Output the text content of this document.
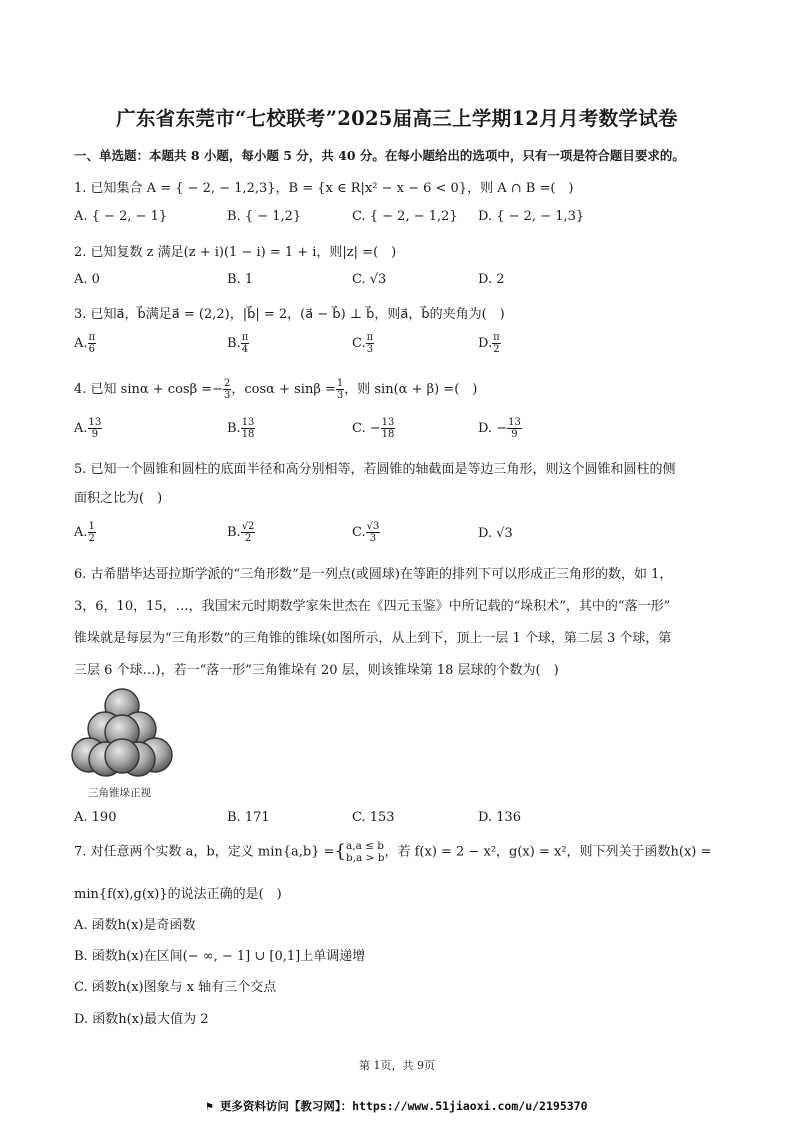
广东省东莞市“七校联考”2025届高三上学期12月月考数学试卷
一、单选题：本题共 8 小题，每小题 5 分，共 40 分。在每小题给出的选项中，只有一项是符合题目要求的。
1. 已知集合 A = { − 2, − 1,2,3}，B = {x ∈ R|x² − x − 6 < 0}，则 A ∩ B =(　)
A. { − 2, − 1}	B. { − 1,2}	C. { − 2, − 1,2} D. { − 2, − 1,3}
2. 已知复数 z 满足(z + i)(1 − i) = 1 + i，则|z| =(　)
A. 0	B. 1	C. √3	D. 2
3. 已知a⃗，b⃗满足a⃗ = (2,2)，|b⃗| = 2，(a⃗ − b⃗) ⊥ b⃗，则a⃗，b⃗的夹角为(　)
A. $\frac{\pi}{6}$	B. $\frac{\pi}{4}$	C. $\frac{\pi}{3}$	D. $\frac{\pi}{2}$
4. 已知 $\sin\alpha + \cos\beta =- \frac{2}{3}$ ，$\cos\alpha + \sin\beta = \frac{1}{3}$ ，则 sin(α + β) =(　)
A. $\frac{13}{9}$	B. $\frac{13}{18}$	C. − $\frac{13}{18}$	D. − $\frac{13}{9}$
5. 已知一个圆锥和圆柱的底面半径和高分别相等，若圆锥的轴截面是等边三角形，则这个圆锥和圆柱的侧
面积之比为(　)
A. $\frac{1}{2}$	B. $\frac{√2}{2}$	C. $\frac{√3}{3}$	D. √3
6. 古希腊毕达哥拉斯学派的“三角形数”是一列点(或圆球)在等距的排列下可以形成正三角形的数，如 1，
3，6，10，15，…，我国宋元时期数学家朱世杰在《四元玉鉴》中所记载的“垛积术”，其中的“落一形”
锥垛就是每层为“三角形数”的三角锥的锥垛(如图所示，从上到下，顶上一层 1 个球，第二层 3 个球，第
三层 6 个球…)，若一“落一形”三角锥垛有 20 层，则该锥垛第 18 层球的个数为(　)
三角锥垛正视
A. 190	B. 171	C. 153	D. 136
7. 对任意两个实数 a，b，定义 min{a,b} ={ a,a ≤ b
b,a > b ，若 f(x) = 2 − x²，g(x) = x²，则下列关于函数h(x) =
min{f(x),g(x)}的说法正确的是(　)
A. 函数h(x)是奇函数
B. 函数h(x)在区间(− ∞, − 1] ∪ [0,1]上单调递增
C. 函数h(x)图象与 x 轴有三个交点
D. 函数h(x)最大值为 2
第 1页，共 9页
⚑ 更多资料访问【教习网】：https://www.51jiaoxi.com/u/2195370
